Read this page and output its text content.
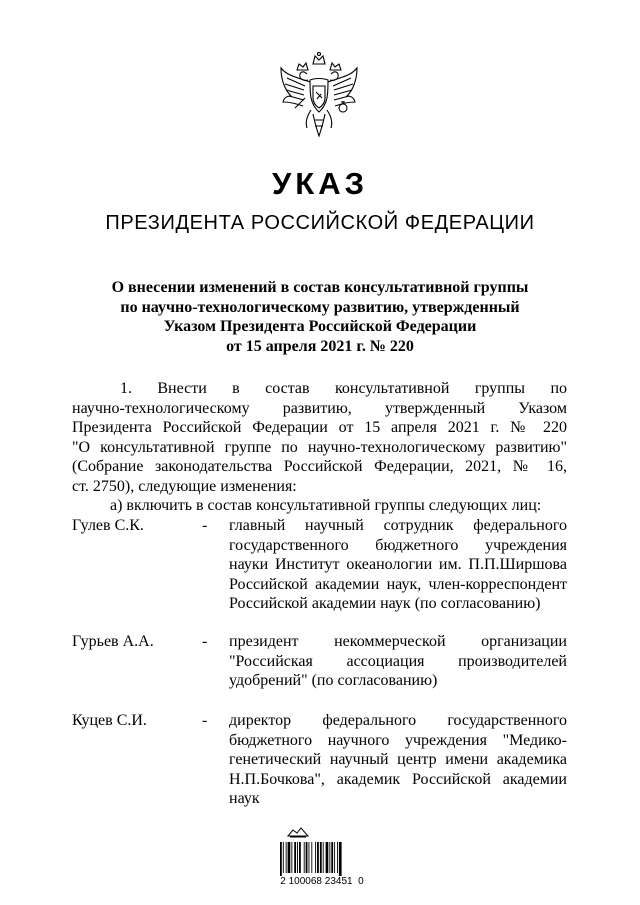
УКАЗ
ПРЕЗИДЕНТА РОССИЙСКОЙ ФЕДЕРАЦИИ
О внесении изменений в состав консультативной группы
по научно-технологическому развитию, утвержденный
Указом Президента Российской Федерации
от 15 апреля 2021 г. № 220
1. Внести в состав консультативной группы по
научно-технологическому развитию, утвержденный Указом
Президента Российской Федерации от 15 апреля 2021 г. № 220
"О консультативной группе по научно-технологическому развитию"
(Собрание законодательства Российской Федерации, 2021, № 16,
ст. 2750), следующие изменения:
а) включить в состав консультативной группы следующих лиц:
Гулев С.К.	- главный научный сотрудник федерального
государственного бюджетного учреждения
науки Институт океанологии им. П.П.Ширшова
Российской академии наук, член-корреспондент
Российской академии наук (по согласованию)
Гурьев А.А.	- президент некоммерческой организации
"Российская ассоциация производителей
удобрений" (по согласованию)
Куцев С.И.	- директор федерального государственного
бюджетного научного учреждения "Медико-
генетический научный центр имени академика
Н.П.Бочкова", академик Российской академии
наук
2 100068 23451  0
